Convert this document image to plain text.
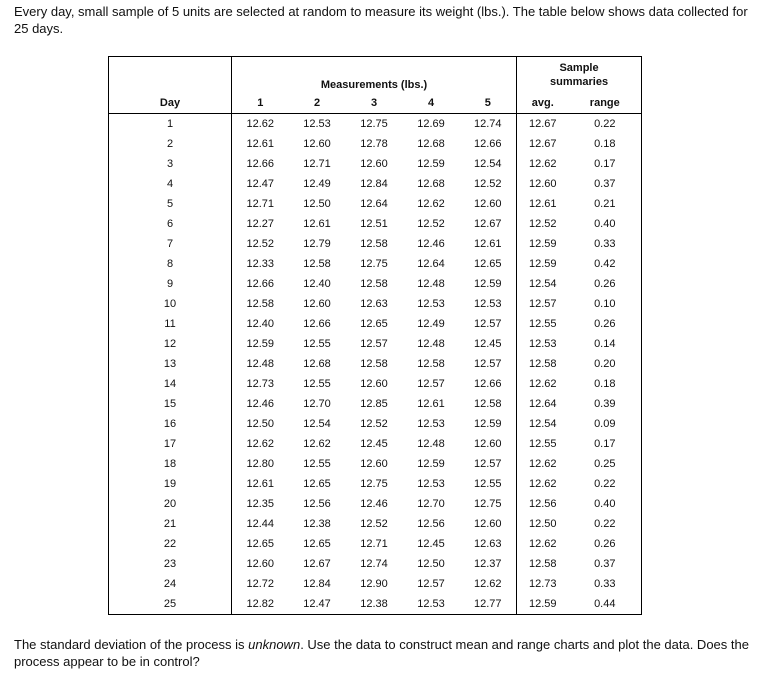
Every day, small sample of 5 units are selected at random to measure its weight (lbs.). The table below shows data collected for 25 days.
	Measurements (lbs.)					Sample
summaries	
Day	1	2	3	4	5	avg.	range
1	12.62	12.53	12.75	12.69	12.74	12.67	0.22
2	12.61	12.60	12.78	12.68	12.66	12.67	0.18
3	12.66	12.71	12.60	12.59	12.54	12.62	0.17
4	12.47	12.49	12.84	12.68	12.52	12.60	0.37
5	12.71	12.50	12.64	12.62	12.60	12.61	0.21
6	12.27	12.61	12.51	12.52	12.67	12.52	0.40
7	12.52	12.79	12.58	12.46	12.61	12.59	0.33
8	12.33	12.58	12.75	12.64	12.65	12.59	0.42
9	12.66	12.40	12.58	12.48	12.59	12.54	0.26
10	12.58	12.60	12.63	12.53	12.53	12.57	0.10
11	12.40	12.66	12.65	12.49	12.57	12.55	0.26
12	12.59	12.55	12.57	12.48	12.45	12.53	0.14
13	12.48	12.68	12.58	12.58	12.57	12.58	0.20
14	12.73	12.55	12.60	12.57	12.66	12.62	0.18
15	12.46	12.70	12.85	12.61	12.58	12.64	0.39
16	12.50	12.54	12.52	12.53	12.59	12.54	0.09
17	12.62	12.62	12.45	12.48	12.60	12.55	0.17
18	12.80	12.55	12.60	12.59	12.57	12.62	0.25
19	12.61	12.65	12.75	12.53	12.55	12.62	0.22
20	12.35	12.56	12.46	12.70	12.75	12.56	0.40
21	12.44	12.38	12.52	12.56	12.60	12.50	0.22
22	12.65	12.65	12.71	12.45	12.63	12.62	0.26
23	12.60	12.67	12.74	12.50	12.37	12.58	0.37
24	12.72	12.84	12.90	12.57	12.62	12.73	0.33
25	12.82	12.47	12.38	12.53	12.77	12.59	0.44
The standard deviation of the process is unknown. Use the data to construct mean and range charts and plot the data. Does the process appear to be in control?
